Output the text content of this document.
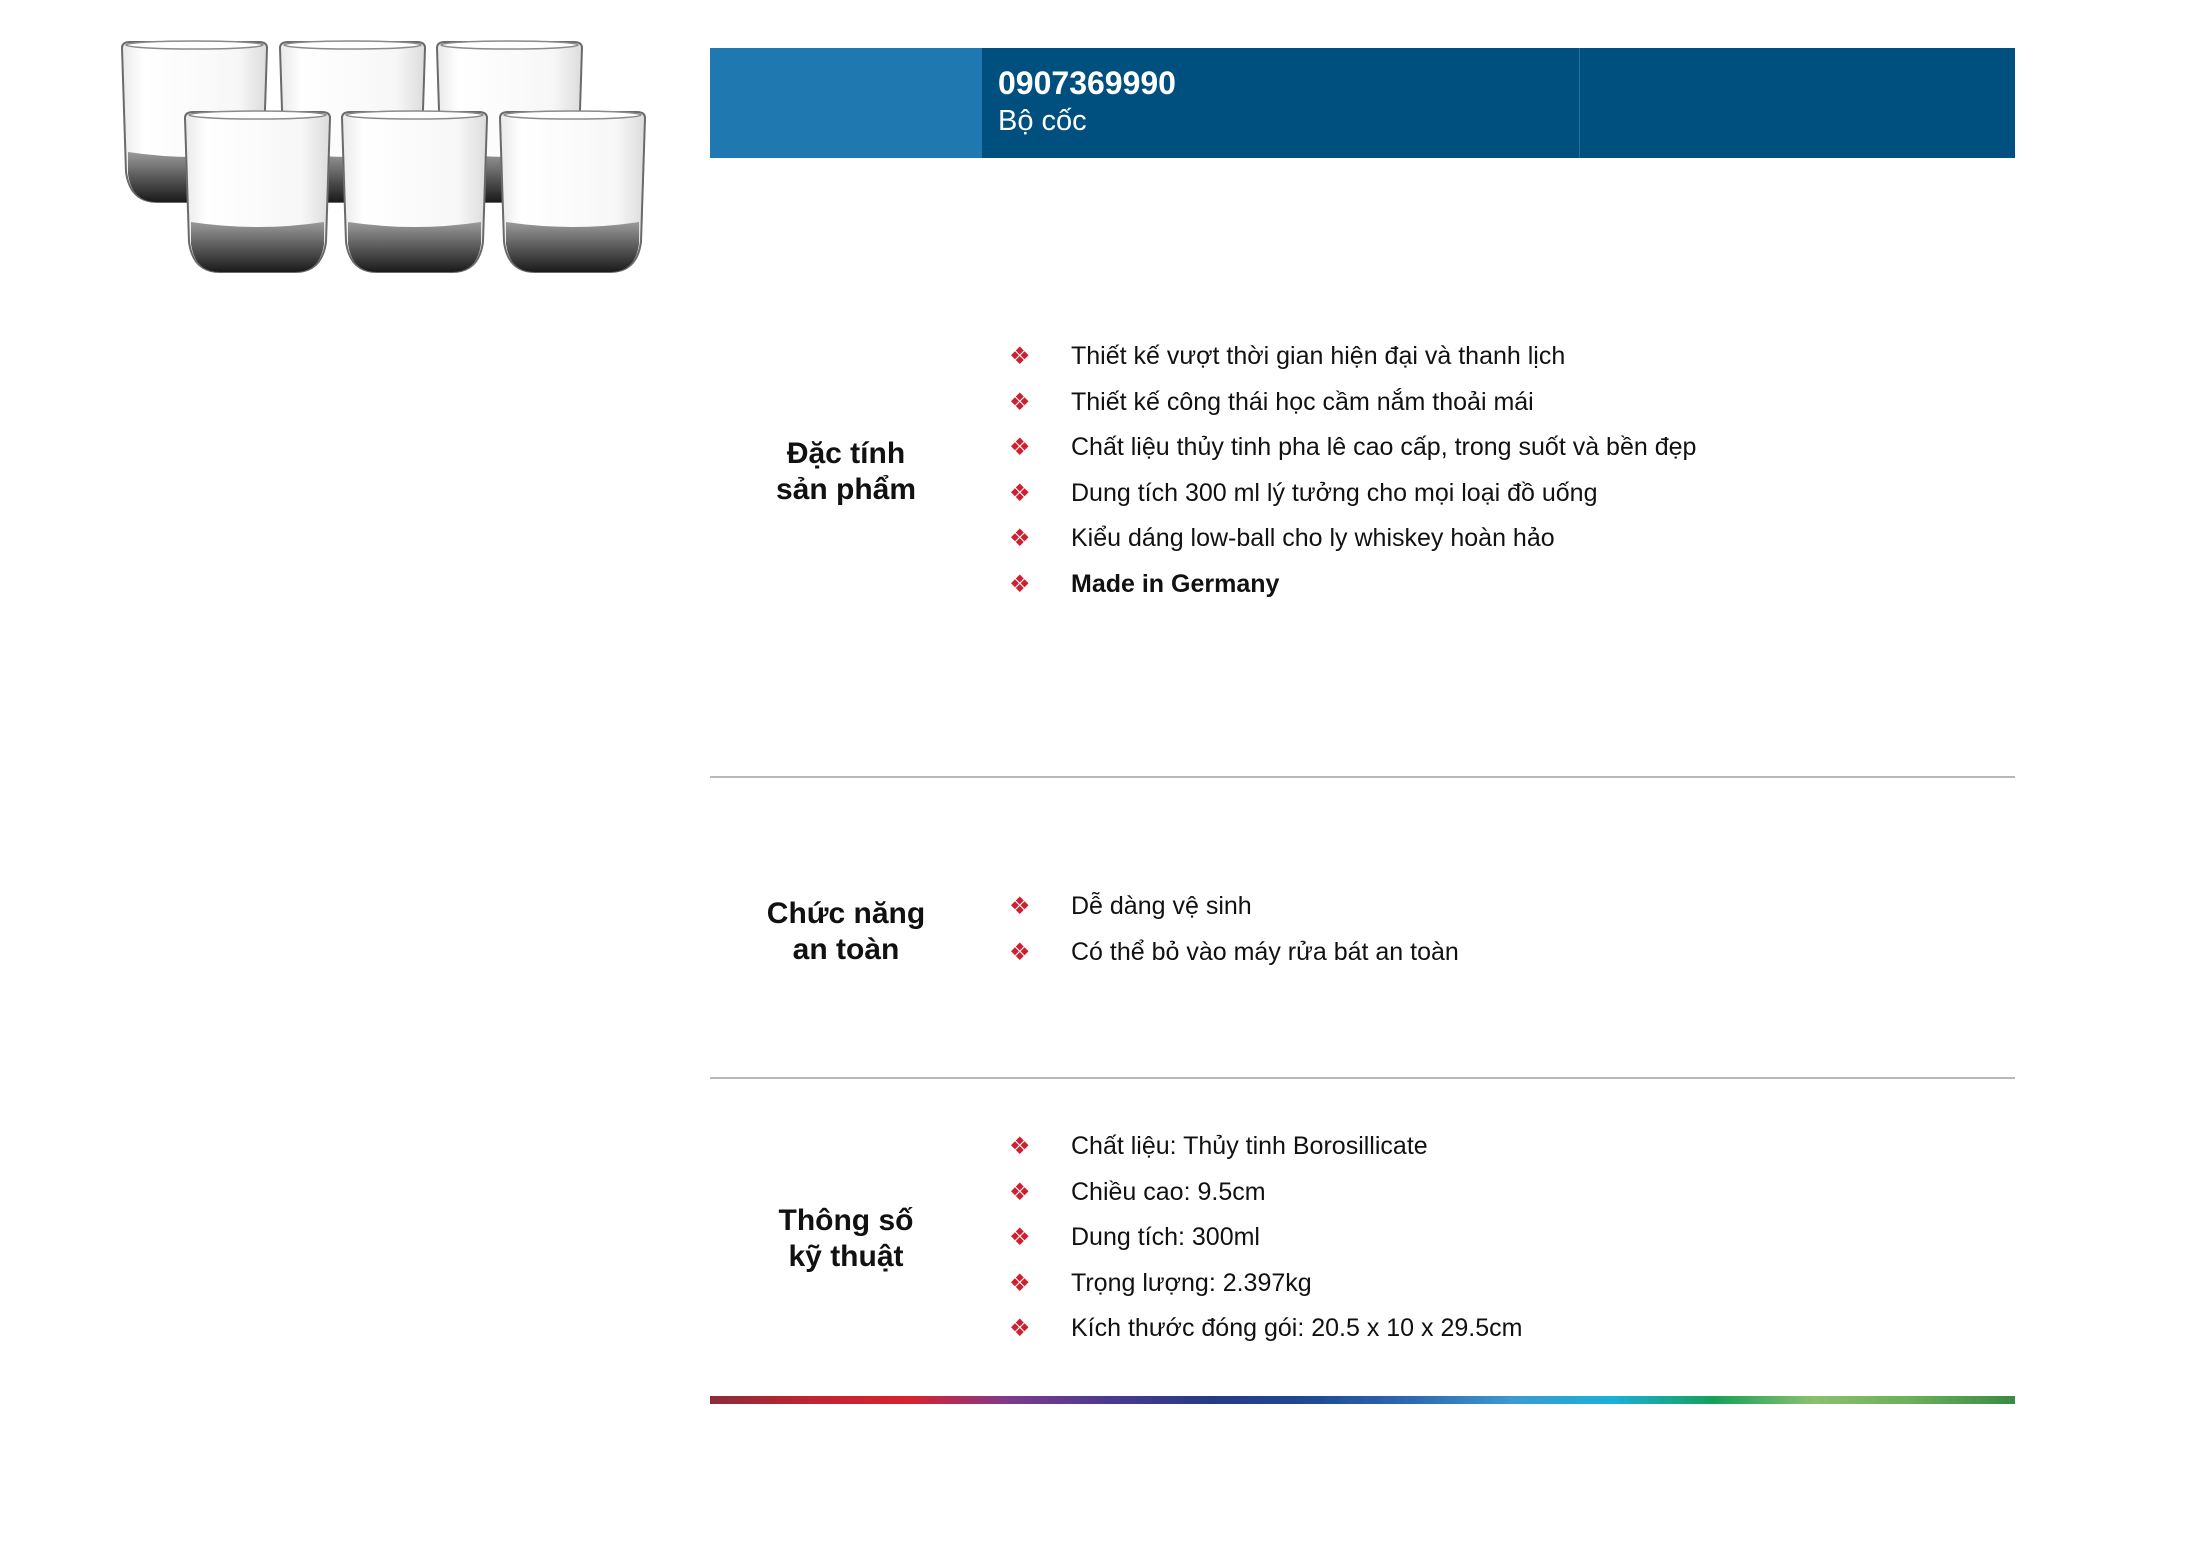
0907369990
Bộ cốc
Đặc tính
sản phẩm
❖	Thiết kế vượt thời gian hiện đại và thanh lịch
❖	Thiết kế công thái học cầm nắm thoải mái
❖	Chất liệu thủy tinh pha lê cao cấp, trong suốt và bền đẹp
❖	Dung tích 300 ml lý tưởng cho mọi loại đồ uống
❖	Kiểu dáng low-ball cho ly whiskey hoàn hảo
❖	Made in Germany
Chức năng
an toàn
❖	Dễ dàng vệ sinh
❖	Có thể bỏ vào máy rửa bát an toàn
Thông số
kỹ thuật
❖	Chất liệu: Thủy tinh Borosillicate
❖	Chiều cao: 9.5cm
❖	Dung tích: 300ml
❖	Trọng lượng: 2.397kg
❖	Kích thước đóng gói: 20.5 x 10 x 29.5cm
